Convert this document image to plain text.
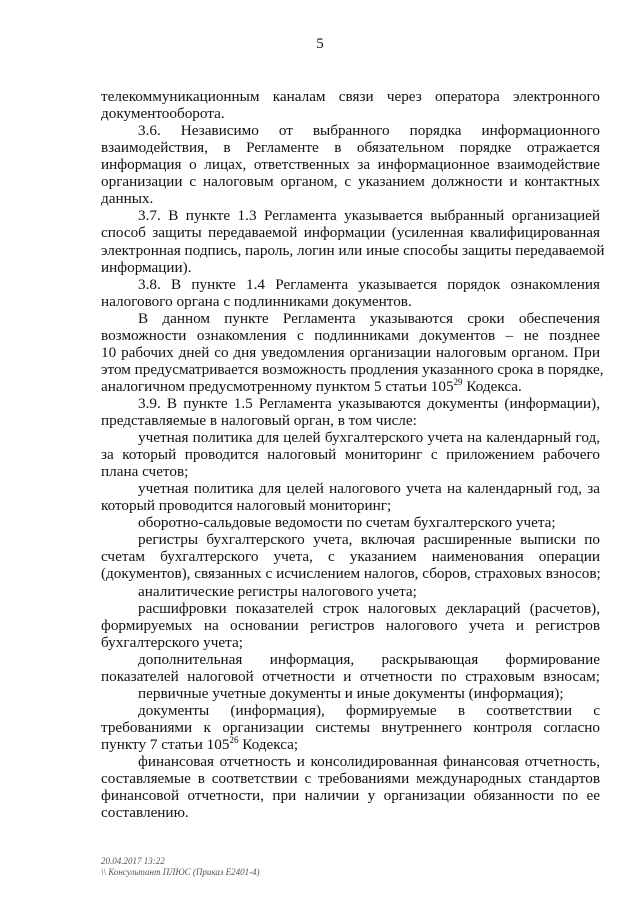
5
телекоммуникационным каналам связи через оператора электронного
документооборота.
3.6. Независимо от выбранного порядка информационного
взаимодействия, в Регламенте в обязательном порядке отражается
информация о лицах, ответственных за информационное взаимодействие
организации с налоговым органом, с указанием должности и контактных
данных.
3.7. В пункте 1.3 Регламента указывается выбранный организацией
способ защиты передаваемой информации (усиленная квалифицированная
электронная подпись, пароль, логин или иные способы защиты передаваемой
информации).
3.8. В пункте 1.4 Регламента указывается порядок ознакомления
налогового органа с подлинниками документов.
В данном пункте Регламента указываются сроки обеспечения
возможности ознакомления с подлинниками документов – не позднее
10 рабочих дней со дня уведомления организации налоговым органом. При
этом предусматривается возможность продления указанного срока в порядке,
аналогичном предусмотренному пунктом 5 статьи $105^{29}$ Кодекса.
3.9. В пункте 1.5 Регламента указываются документы (информации),
представляемые в налоговый орган, в том числе:
учетная политика для целей бухгалтерского учета на календарный год,
за который проводится налоговый мониторинг с приложением рабочего
плана счетов;
учетная политика для целей налогового учета на календарный год, за
который проводится налоговый мониторинг;
оборотно-сальдовые ведомости по счетам бухгалтерского учета;
регистры бухгалтерского учета, включая расширенные выписки по
счетам бухгалтерского учета, с указанием наименования операции
(документов), связанных с исчислением налогов, сборов, страховых взносов;
аналитические регистры налогового учета;
расшифровки показателей строк налоговых деклараций (расчетов),
формируемых на основании регистров налогового учета и регистров
бухгалтерского учета;
дополнительная информация, раскрывающая формирование
показателей налоговой отчетности и отчетности по страховым взносам;
первичные учетные документы и иные документы (информация);
документы (информация), формируемые в соответствии с
требованиями к организации системы внутреннего контроля согласно
пункту 7 статьи $105^{26}$ Кодекса;
финансовая отчетность и консолидированная финансовая отчетность,
составляемые в соответствии с требованиями международных стандартов
финансовой отчетности, при наличии у организации обязанности по ее
составлению.
20.04.2017 13:22
\\ Консультант ПЛЮС (Приказ E2401-4)
